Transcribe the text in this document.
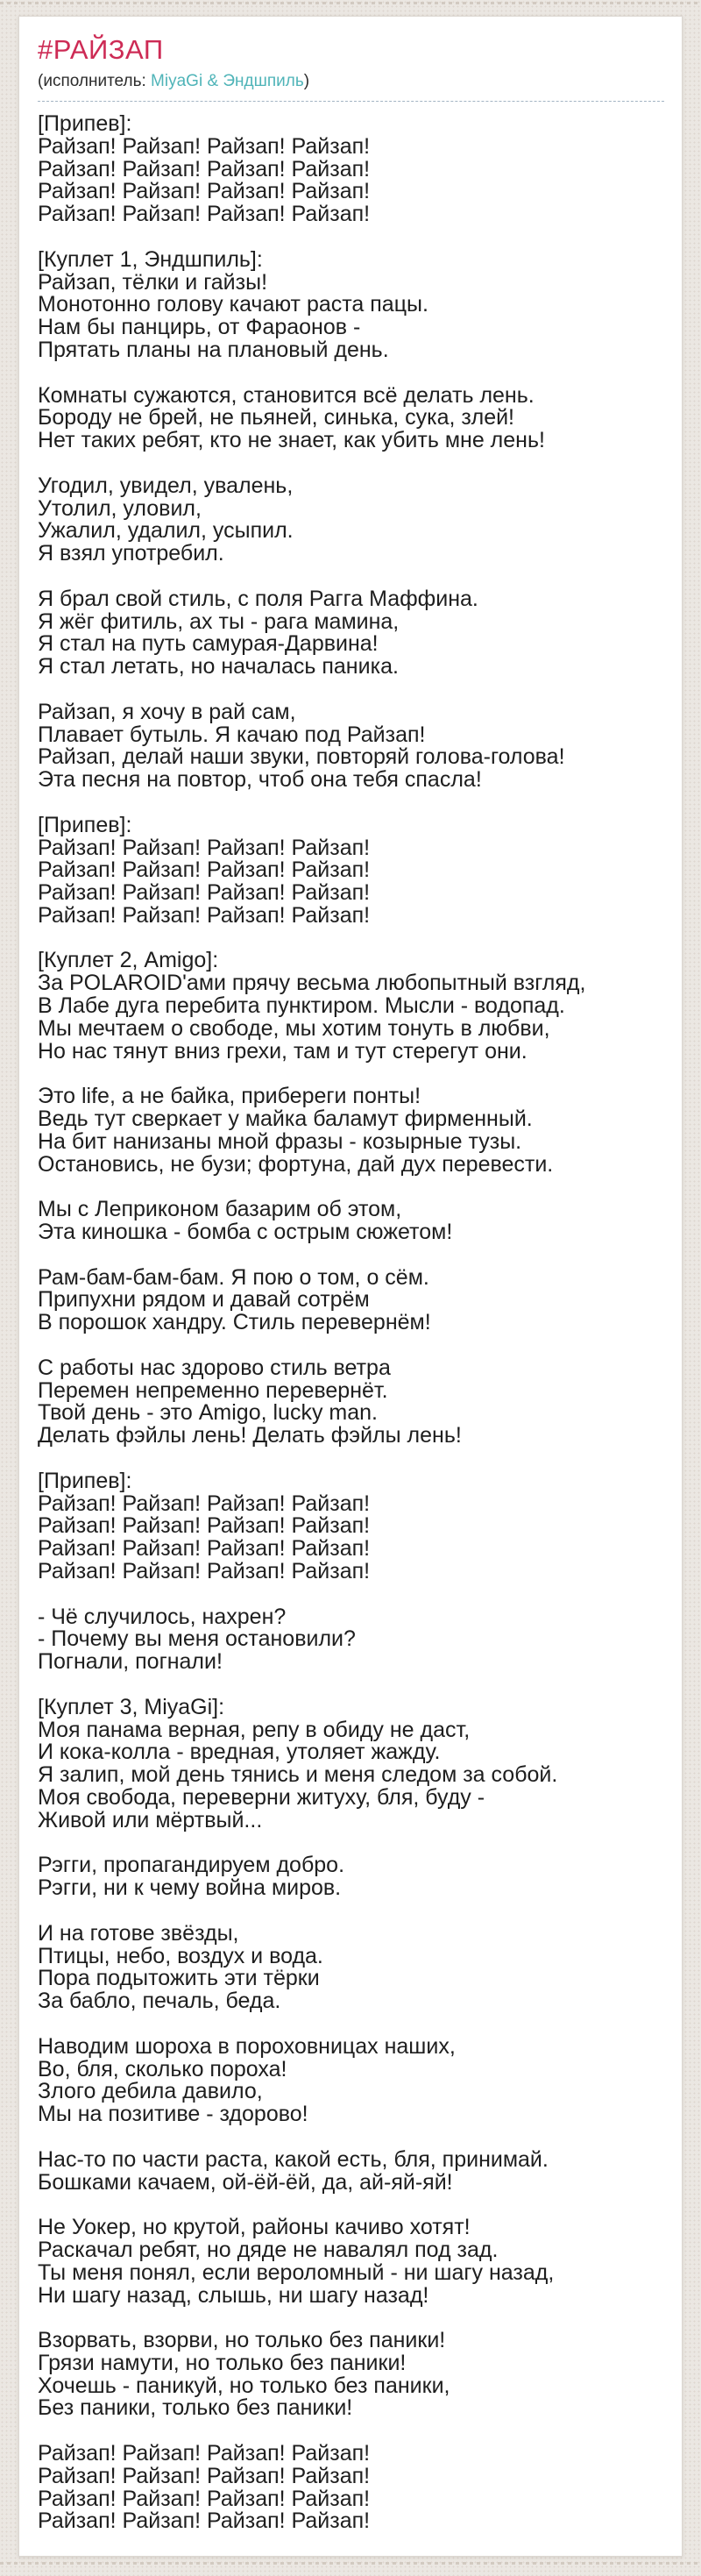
#РАЙЗАП
(исполнитель: MiyaGi & Эндшпиль)

[Припев]:
Райзап! Райзап! Райзап! Райзап!
Райзап! Райзап! Райзап! Райзап!
Райзап! Райзап! Райзап! Райзап!
Райзап! Райзап! Райзап! Райзап!

[Куплет 1, Эндшпиль]:
Райзап, тёлки и гайзы!
Монотонно голову качают раста пацы.
Нам бы панцирь, от Фараонов -
Прятать планы на плановый день.

Комнаты сужаются, становится всё делать лень.
Бороду не брей, не пьяней, синька, сука, злей!
Нет таких ребят, кто не знает, как убить мне лень!

Угодил, увидел, увалень,
Утолил, уловил,
Ужалил, удалил, усыпил.
Я взял употребил.

Я брал свой стиль, с поля Рагга Маффина.
Я жёг фитиль, ах ты - рага мамина,
Я стал на путь самурая-Дарвина!
Я стал летать, но началась паника.

Райзап, я хочу в рай сам,
Плавает бутыль. Я качаю под Райзап!
Райзап, делай наши звуки, повторяй голова-голова!
Эта песня на повтор, чтоб она тебя спасла!

[Припев]:
Райзап! Райзап! Райзап! Райзап!
Райзап! Райзап! Райзап! Райзап!
Райзап! Райзап! Райзап! Райзап!
Райзап! Райзап! Райзап! Райзап!

[Куплет 2, Amigo]:
За POLAROID'ами прячу весьма любопытный взгляд,
В Лабе дуга перебита пунктиром. Мысли - водопад.
Мы мечтаем о свободе, мы хотим тонуть в любви,
Но нас тянут вниз грехи, там и тут стерегут они.

Это life, а не байка, прибереги понты!
Ведь тут сверкает у майка баламут фирменный.
На бит нанизаны мной фразы - козырные тузы.
Остановись, не бузи; фортуна, дай дух перевести.

Мы с Леприконом базарим об этом,
Эта киношка - бомба с острым сюжетом!

Рам-бам-бам-бам. Я пою о том, о сём.
Припухни рядом и давай сотрём
В порошок хандру. Стиль перевернём!

С работы нас здорово стиль ветра
Перемен непременно перевернёт.
Твой день - это Amigo, lucky man.
Делать фэйлы лень! Делать фэйлы лень!

[Припев]:
Райзап! Райзап! Райзап! Райзап!
Райзап! Райзап! Райзап! Райзап!
Райзап! Райзап! Райзап! Райзап!
Райзап! Райзап! Райзап! Райзап!

- Чё случилось, нахрен?
- Почему вы меня остановили?
Погнали, погнали!

[Куплет 3, MiyaGi]:
Моя панама верная, репу в обиду не даст,
И кока-колла - вредная, утоляет жажду.
Я залип, мой день тянись и меня следом за собой.
Моя свобода, переверни житуху, бля, буду -
Живой или мёртвый...

Рэгги, пропагандируем добро.
Рэгги, ни к чему война миров.

И на готове звёзды,
Птицы, небо, воздух и вода.
Пора подытожить эти тёрки
За бабло, печаль, беда.

Наводим шороха в пороховницах наших,
Во, бля, сколько пороха!
Злого дебила давило,
Мы на позитиве - здорово!

Нас-то по части раста, какой есть, бля, принимай.
Бошками качаем, ой-ёй-ёй, да, ай-яй-яй!

Не Уокер, но крутой, районы качиво хотят!
Раскачал ребят, но дяде не навалял под зад.
Ты меня понял, если вероломный - ни шагу назад,
Ни шагу назад, слышь, ни шагу назад!

Взорвать, взорви, но только без паники!
Грязи намути, но только без паники!
Хочешь - паникуй, но только без паники,
Без паники, только без паники!

Райзап! Райзап! Райзап! Райзап!
Райзап! Райзап! Райзап! Райзап!
Райзап! Райзап! Райзап! Райзап!
Райзап! Райзап! Райзап! Райзап!
